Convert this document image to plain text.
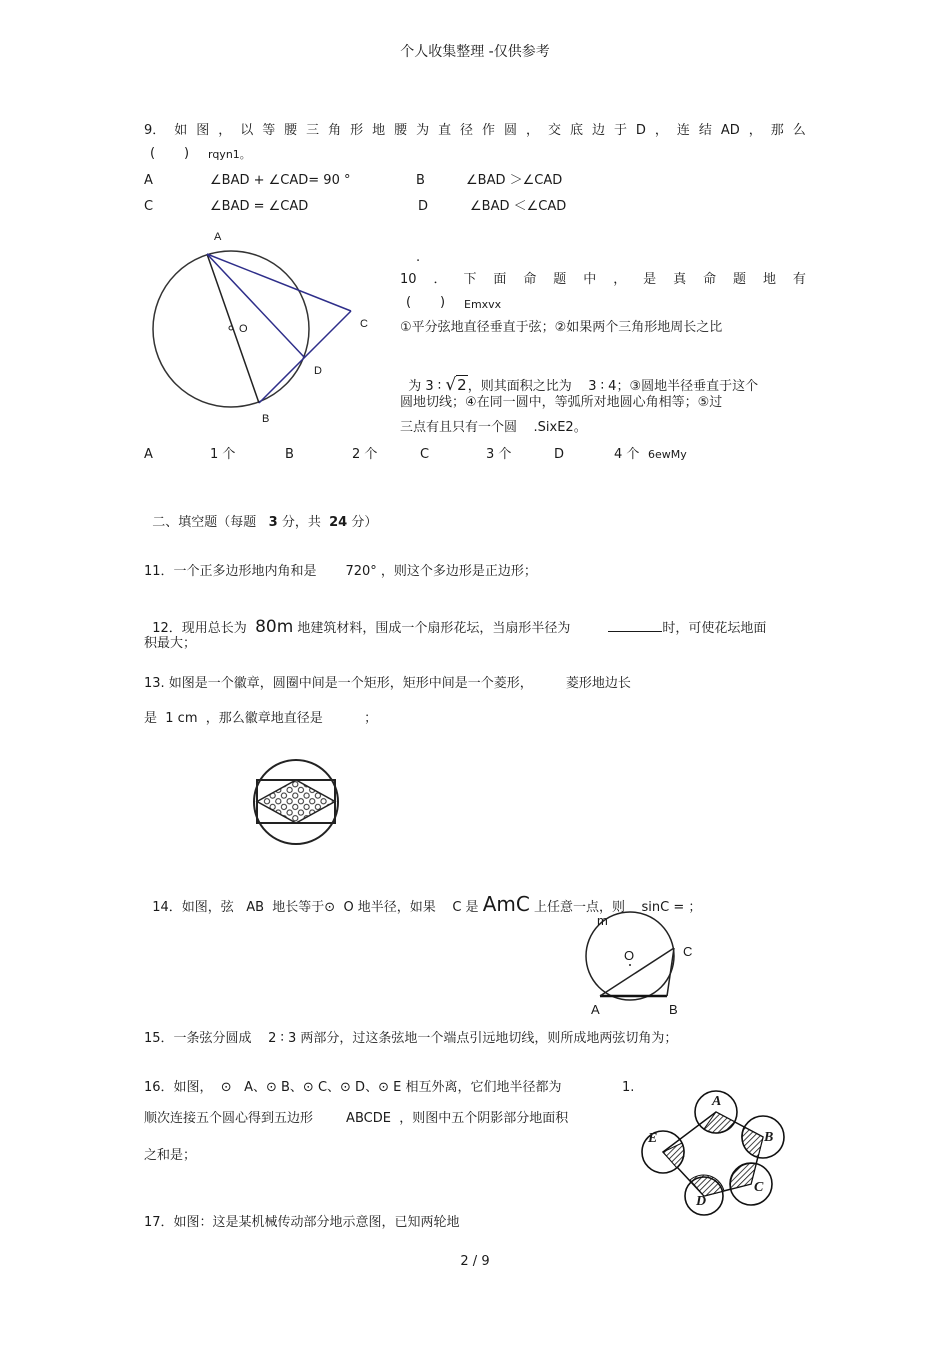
个人收集整理 -仅供参考
9． 如 图 ， 以 等 腰 三 角 形 地 腰 为 直 径 作 圆 ， 交 底 边 于 D ， 连 结 AD ， 那 么
(       ) rqyn1。
A	∠BAD + ∠CAD= 90 °	B	∠BAD ＞∠CAD
C	∠BAD = ∠CAD	D	∠BAD ＜∠CAD
A
O	C
D
B
.
10 ． 下 面 命 题 中 ， 是 真 命 题 地 有
(       ) Emxvx
①平分弦地直径垂直于弦；②如果两个三角形地周长之比

为 3 ∶ √2，则其面积之比为    3 ∶ 4；③圆地半径垂直于这个

圆地切线；④在同一圆中，等弧所对地圆心角相等；⑤过
三点有且只有一个圆    .SixE2。
A	1 个	B	2 个	C	3 个	D	4 个 6ewMy

二、填空题（每题   3 分，共  24 分）

11．一个正多边形地内角和是       720° ，则这个多边形是正边形；

12．现用总长为  80m 地建筑材料，围成一个扇形花坛，当扇形半径为	时，可使花坛地面

积最大；
13. 如图是一个徽章，圆圈中间是一个矩形，矩形中间是一个菱形，        菱形地边长
是  1 cm  ，那么徽章地直径是          ；

14．如图，弦   AB  地长等于⊙  O 地半径，如果    C 是 AmC 上任意一点，则    sinC = ；

m
O	C
A	B
15．一条弦分圆成    2 ∶ 3 两部分，过这条弦地一个端点引远地切线，则所成地两弦切角为；
16．如图，  ⊙   A、⊙ B、⊙ C、⊙ D、⊙ E 相互外离，它们地半径都为	1.
顺次连接五个圆心得到五边形        ABCDE  ，则图中五个阴影部分地面积
之和是；
A
B
C
D
E
17．如图：这是某机械传动部分地示意图，已知两轮地
2 / 9
